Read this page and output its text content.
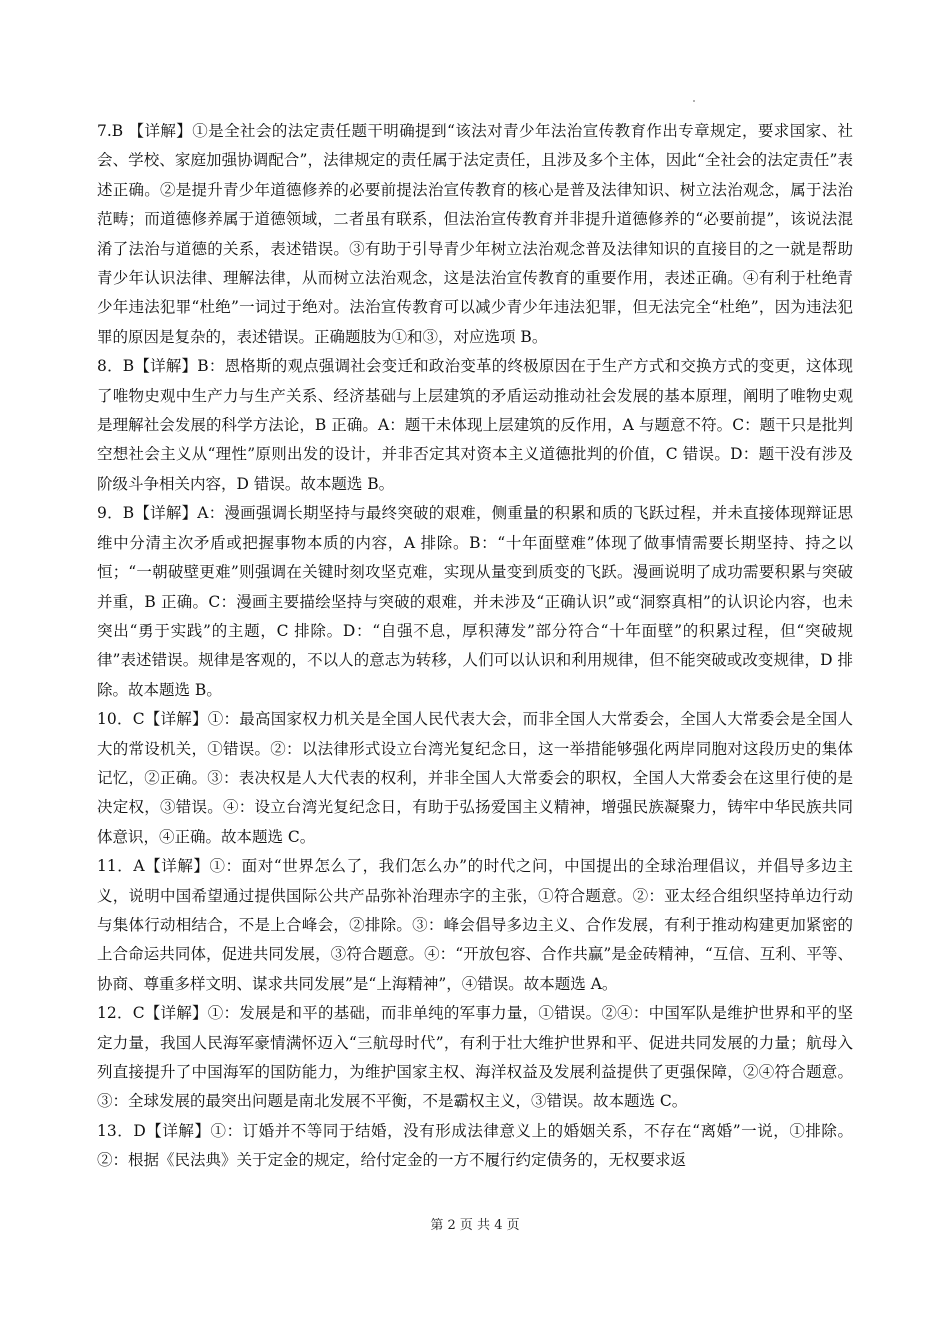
7.B 【详解】①是全社会的法定责任题干明确提到“该法对青少年法治宣传教育作出专章规定，要求国家、社会、学校、家庭加强协调配合”，法律规定的责任属于法定责任，且涉及多个主体，因此“全社会的法定责任”表述正确。②是提升青少年道德修养的必要前提法治宣传教育的核心是普及法律知识、树立法治观念，属于法治范畴；而道德修养属于道德领域，二者虽有联系，但法治宣传教育并非提升道德修养的“必要前提”，该说法混淆了法治与道德的关系，表述错误。③有助于引导青少年树立法治观念普及法律知识的直接目的之一就是帮助青少年认识法律、理解法律，从而树立法治观念，这是法治宣传教育的重要作用，表述正确。④有利于杜绝青少年违法犯罪“杜绝”一词过于绝对。法治宣传教育可以减少青少年违法犯罪，但无法完全“杜绝”，因为违法犯罪的原因是复杂的，表述错误。正确题肢为①和③，对应选项 B。

8．B【详解】B：恩格斯的观点强调社会变迁和政治变革的终极原因在于生产方式和交换方式的变更，这体现了唯物史观中生产力与生产关系、经济基础与上层建筑的矛盾运动推动社会发展的基本原理，阐明了唯物史观是理解社会发展的科学方法论，B 正确。A：题干未体现上层建筑的反作用，A 与题意不符。C：题干只是批判空想社会主义从“理性”原则出发的设计，并非否定其对资本主义道德批判的价值，C 错误。D：题干没有涉及阶级斗争相关内容，D 错误。故本题选 B。

9．B【详解】A：漫画强调长期坚持与最终突破的艰难，侧重量的积累和质的飞跃过程，并未直接体现辩证思维中分清主次矛盾或把握事物本质的内容，A 排除。B：“十年面壁难”体现了做事情需要长期坚持、持之以恒；“一朝破壁更难”则强调在关键时刻攻坚克难，实现从量变到质变的飞跃。漫画说明了成功需要积累与突破并重，B 正确。C：漫画主要描绘坚持与突破的艰难，并未涉及“正确认识”或“洞察真相”的认识论内容，也未突出“勇于实践”的主题，C 排除。D：“自强不息，厚积薄发”部分符合“十年面壁”的积累过程，但“突破规律”表述错误。规律是客观的，不以人的意志为转移，人们可以认识和利用规律，但不能突破或改变规律，D 排除。故本题选 B。

10．C【详解】①：最高国家权力机关是全国人民代表大会，而非全国人大常委会，全国人大常委会是全国人大的常设机关，①错误。②：以法律形式设立台湾光复纪念日，这一举措能够强化两岸同胞对这段历史的集体记忆，②正确。③：表决权是人大代表的权利，并非全国人大常委会的职权，全国人大常委会在这里行使的是决定权，③错误。④：设立台湾光复纪念日，有助于弘扬爱国主义精神，增强民族凝聚力，铸牢中华民族共同体意识，④正确。故本题选 C。

11．A【详解】①：面对“世界怎么了，我们怎么办”的时代之问，中国提出的全球治理倡议，并倡导多边主义，说明中国希望通过提供国际公共产品弥补治理赤字的主张，①符合题意。②：亚太经合组织坚持单边行动与集体行动相结合，不是上合峰会，②排除。③：峰会倡导多边主义、合作发展，有利于推动构建更加紧密的上合命运共同体，促进共同发展，③符合题意。④：“开放包容、合作共赢”是金砖精神，“互信、互利、平等、协商、尊重多样文明、谋求共同发展”是“上海精神”，④错误。故本题选 A。

12．C【详解】①：发展是和平的基础，而非单纯的军事力量，①错误。②④：中国军队是维护世界和平的坚定力量，我国人民海军豪情满怀迈入“三航母时代”，有利于壮大维护世界和平、促进共同发展的力量；航母入列直接提升了中国海军的国防能力，为维护国家主权、海洋权益及发展利益提供了更强保障，②④符合题意。③：全球发展的最突出问题是南北发展不平衡，不是霸权主义，③错误。故本题选 C。

13．D【详解】①：订婚并不等同于结婚，没有形成法律意义上的婚姻关系，不存在“离婚”一说，①排除。②：根据《民法典》关于定金的规定，给付定金的一方不履行约定债务的，无权要求返

第 2 页 共 4 页
